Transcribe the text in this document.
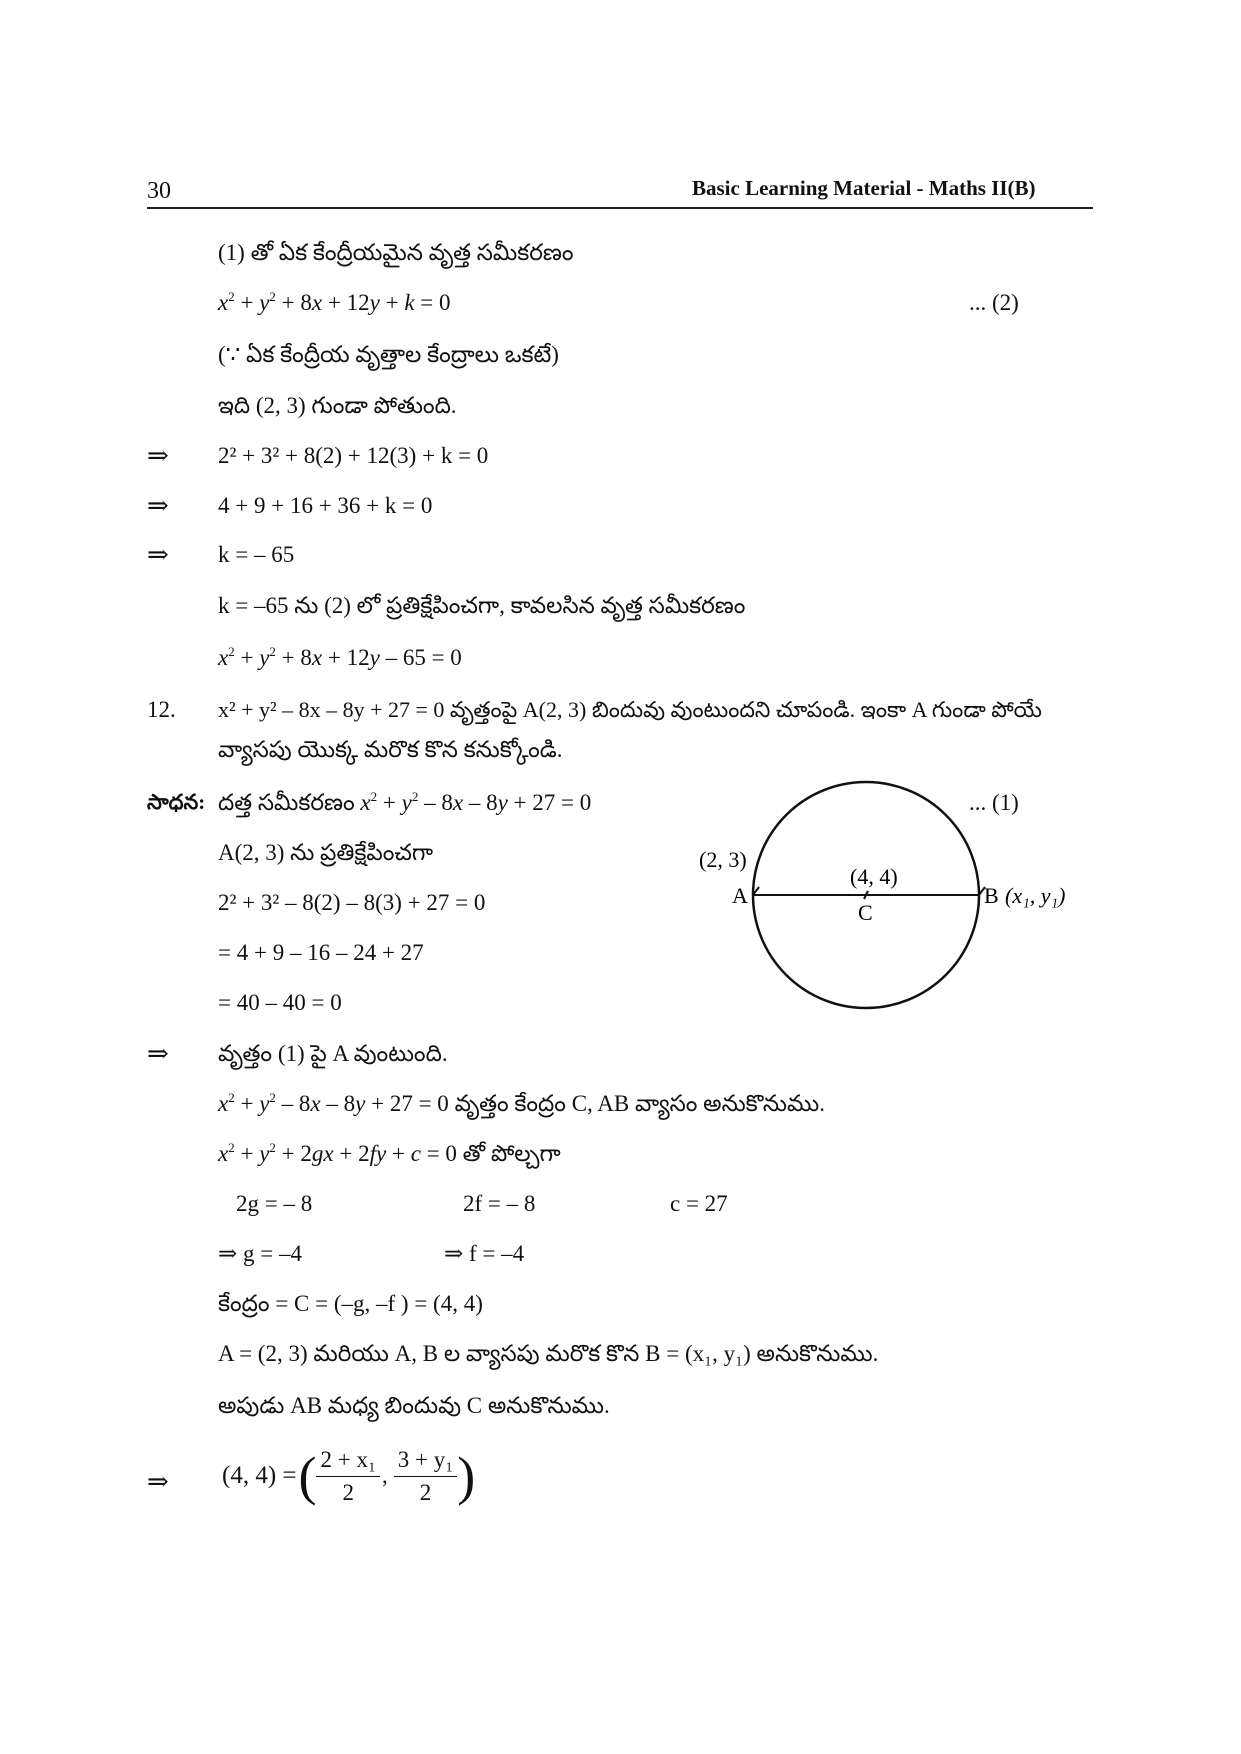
30	Basic Learning Material - Maths II(B)
(1) తో ఏక కేంద్రీయమైన వృత్త సమీకరణం
$x^2 + y^2 + 8x + 12y + k = 0$	... (2)
(∵ ఏక కేంద్రీయ వృత్తాల కేంద్రాలు ఒకటే)
ఇది (2, 3) గుండా పోతుంది.
⇒ 2² + 3² + 8(2) + 12(3) + k = 0
⇒ 4 + 9 + 16 + 36 + k = 0
⇒ k = – 65
k = –65 ను (2) లో ప్రతిక్షేపించగా, కావలసిన వృత్త సమీకరణం
$x^2 + y^2 + 8x + 12y - 65 = 0$
12. x² + y² – 8x – 8y + 27 = 0 వృత్తంపై A(2, 3) బిందువు వుంటుందని చూపండి. ఇంకా A గుండా పోయే
వ్యాసపు యొక్క మరొక కొన కనుక్కోండి.
సాధన: దత్త సమీకరణం $x^2 + y^2 - 8x - 8y + 27 = 0$	... (1)
A(2, 3) ను ప్రతిక్షేపించగా
2² + 3² – 8(2) – 8(3) + 27 = 0
= 4 + 9 – 16 – 24 + 27
= 40 – 40 = 0
(2, 3)
A
(4, 4)
C
B (x₁, y₁)
⇒ వృత్తం (1) పై A వుంటుంది.
$x^2 + y^2 - 8x - 8y + 27 = 0$ వృత్తం కేంద్రం C, AB వ్యాసం అనుకొనుము.
$x^2 + y^2 + 2gx + 2fy + c = 0$ తో పోల్చగా
2g = – 8	2f = – 8	c = 27
⇒ g = –4	⇒ f = –4
కేంద్రం = C = (–g, –f ) = (4, 4)
A = (2, 3) మరియు A, B ల వ్యాసపు మరొక కొన B = (x₁, y₁) అనుకొనుము.
అపుడు AB మధ్య బిందువు C అనుకొనుము.
⇒ (4, 4) = ( $\frac{\text{2 + x₁}}{2}$ , $\frac{\text{3 + y₁}}{2}$ )
